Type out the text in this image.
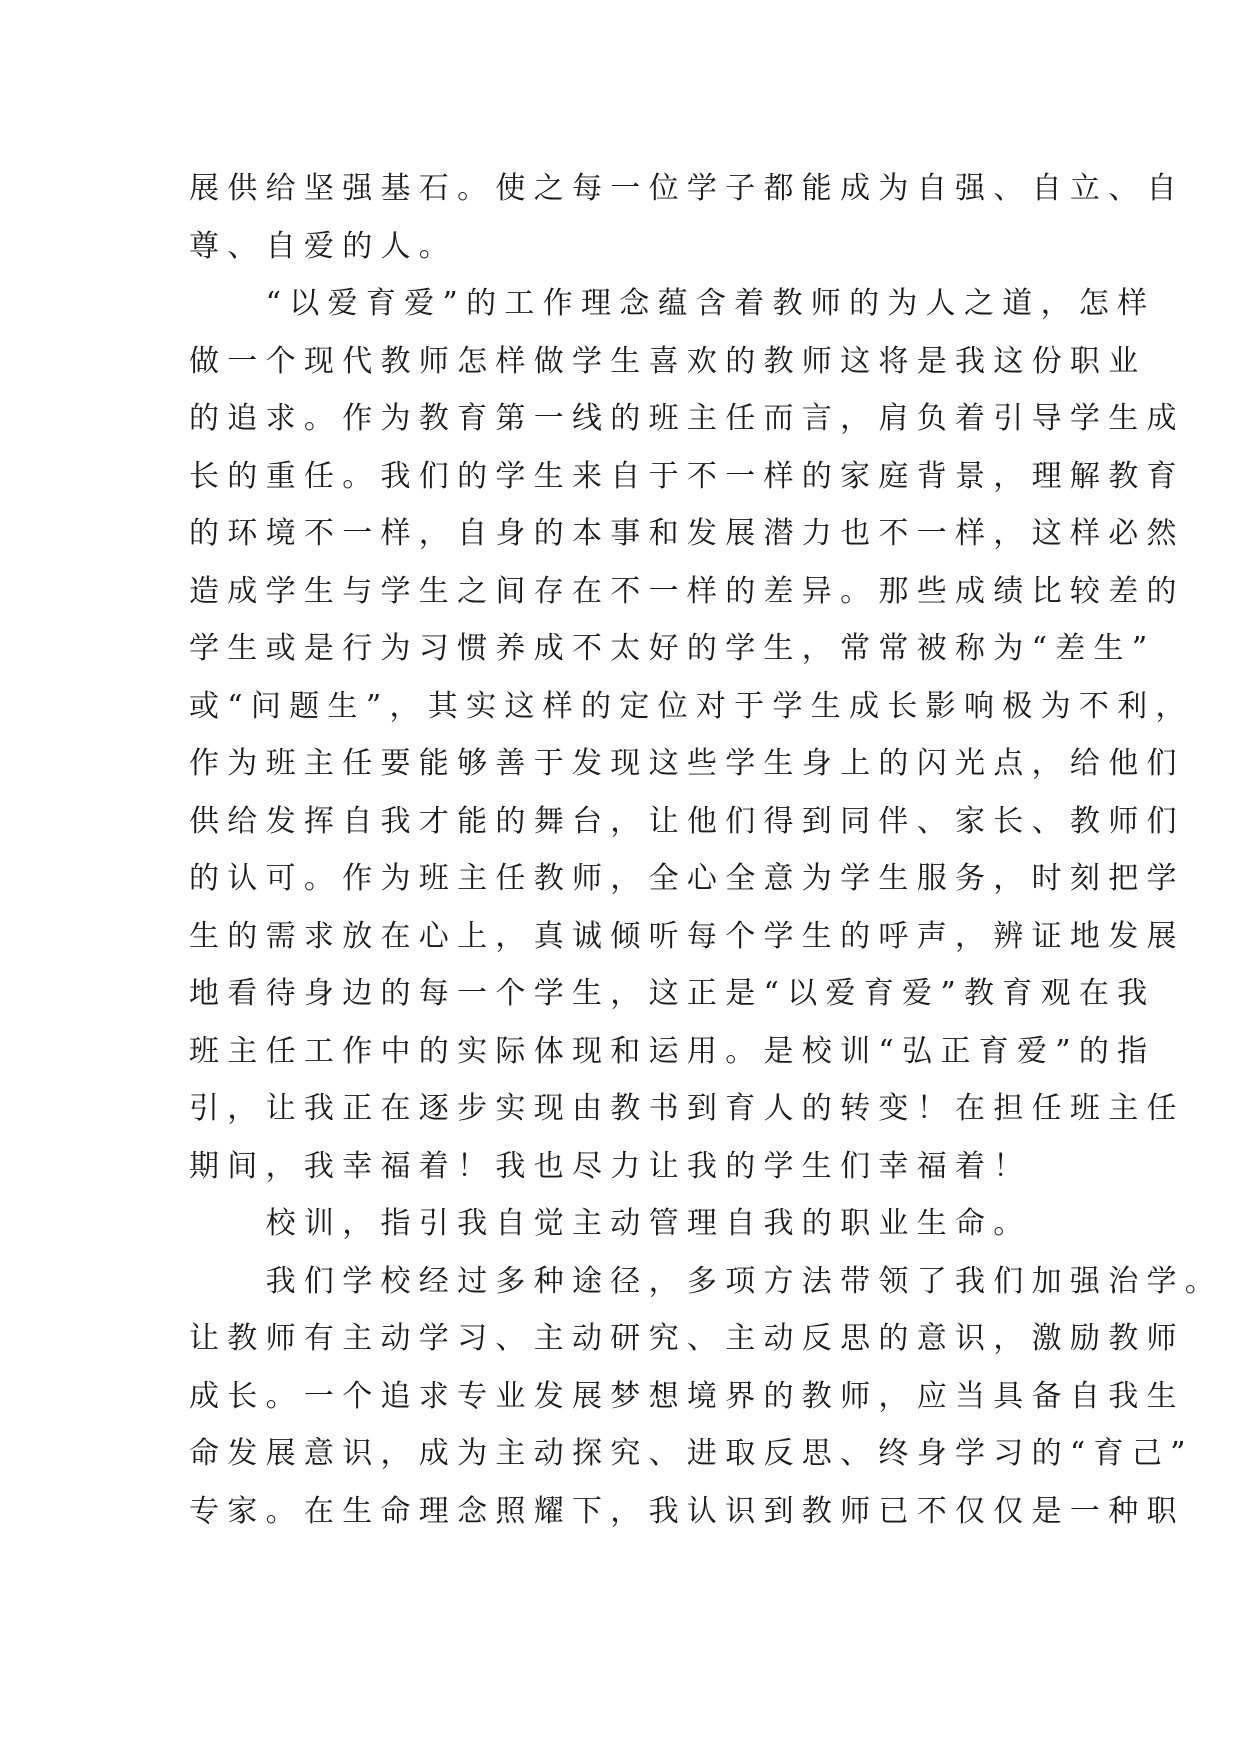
展供给坚强基石。使之每一位学子都能成为自强、自立、自
尊、自爱的人。
　　“以爱育爱”的工作理念蕴含着教师的为人之道，怎样
做一个现代教师怎样做学生喜欢的教师这将是我这份职业
的追求。作为教育第一线的班主任而言，肩负着引导学生成
长的重任。我们的学生来自于不一样的家庭背景，理解教育
的环境不一样，自身的本事和发展潜力也不一样，这样必然
造成学生与学生之间存在不一样的差异。那些成绩比较差的
学生或是行为习惯养成不太好的学生，常常被称为“差生”
或“问题生”，其实这样的定位对于学生成长影响极为不利，
作为班主任要能够善于发现这些学生身上的闪光点，给他们
供给发挥自我才能的舞台，让他们得到同伴、家长、教师们
的认可。作为班主任教师，全心全意为学生服务，时刻把学
生的需求放在心上，真诚倾听每个学生的呼声，辨证地发展
地看待身边的每一个学生，这正是“以爱育爱”教育观在我
班主任工作中的实际体现和运用。是校训“弘正育爱”的指
引，让我正在逐步实现由教书到育人的转变！在担任班主任
期间，我幸福着！我也尽力让我的学生们幸福着！
　　校训，指引我自觉主动管理自我的职业生命。
　　我们学校经过多种途径，多项方法带领了我们加强治学。
让教师有主动学习、主动研究、主动反思的意识，激励教师
成长。一个追求专业发展梦想境界的教师，应当具备自我生
命发展意识，成为主动探究、进取反思、终身学习的“育己”
专家。在生命理念照耀下，我认识到教师已不仅仅是一种职
